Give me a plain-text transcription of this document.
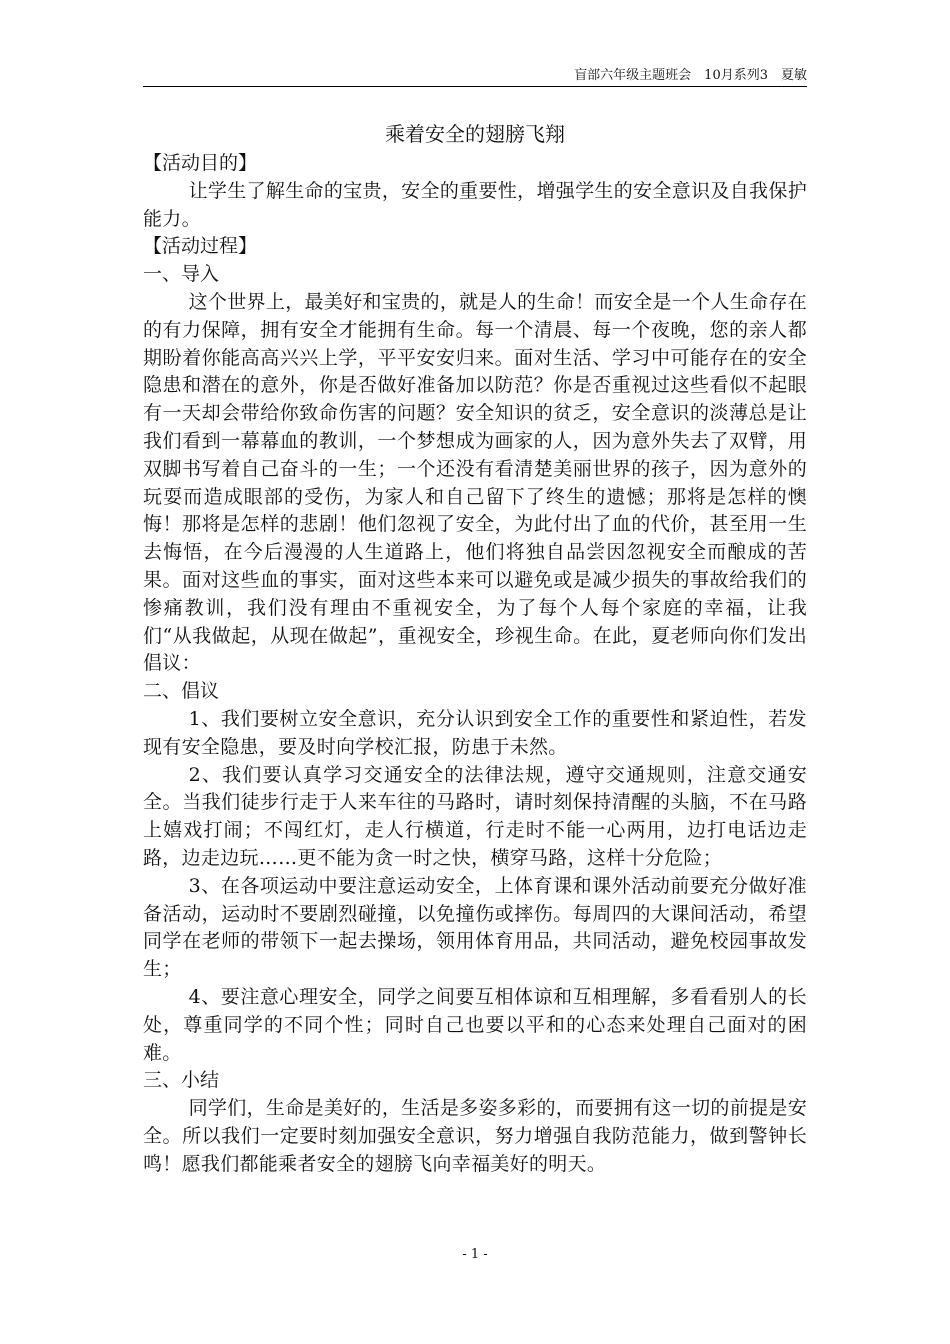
盲部六年级主题班会　10月系列3　夏敏

乘着安全的翅膀飞翔

【活动目的】

让学生了解生命的宝贵，安全的重要性，增强学生的安全意识及自我保护能力。

【活动过程】

一、导入

这个世界上，最美好和宝贵的，就是人的生命！而安全是一个人生命存在的有力保障，拥有安全才能拥有生命。每一个清晨、每一个夜晚，您的亲人都期盼着你能高高兴兴上学，平平安安归来。面对生活、学习中可能存在的安全隐患和潜在的意外，你是否做好准备加以防范？你是否重视过这些看似不起眼有一天却会带给你致命伤害的问题？安全知识的贫乏，安全意识的淡薄总是让我们看到一幕幕血的教训，一个梦想成为画家的人，因为意外失去了双臂，用双脚书写着自己奋斗的一生；一个还没有看清楚美丽世界的孩子，因为意外的玩耍而造成眼部的受伤，为家人和自己留下了终生的遗憾；那将是怎样的懊悔！那将是怎样的悲剧！他们忽视了安全，为此付出了血的代价，甚至用一生去悔悟，在今后漫漫的人生道路上，他们将独自品尝因忽视安全而酿成的苦果。面对这些血的事实，面对这些本来可以避免或是减少损失的事故给我们的惨痛教训，我们没有理由不重视安全，为了每个人每个家庭的幸福，让我们“从我做起，从现在做起”，重视安全，珍视生命。在此，夏老师向你们发出倡议：

二、倡议

1、我们要树立安全意识，充分认识到安全工作的重要性和紧迫性，若发现有安全隐患，要及时向学校汇报，防患于未然。

2、我们要认真学习交通安全的法律法规，遵守交通规则，注意交通安全。当我们徒步行走于人来车往的马路时，请时刻保持清醒的头脑，不在马路上嬉戏打闹；不闯红灯，走人行横道，行走时不能一心两用，边打电话边走路，边走边玩……更不能为贪一时之快，横穿马路，这样十分危险；

3、在各项运动中要注意运动安全，上体育课和课外活动前要充分做好准备活动，运动时不要剧烈碰撞，以免撞伤或摔伤。每周四的大课间活动，希望同学在老师的带领下一起去操场，领用体育用品，共同活动，避免校园事故发生；

4、要注意心理安全，同学之间要互相体谅和互相理解，多看看别人的长处，尊重同学的不同个性；同时自己也要以平和的心态来处理自己面对的困难。

三、小结

同学们，生命是美好的，生活是多姿多彩的，而要拥有这一切的前提是安全。所以我们一定要时刻加强安全意识，努力增强自我防范能力，做到警钟长鸣！愿我们都能乘者安全的翅膀飞向幸福美好的明天。

- 1 -
